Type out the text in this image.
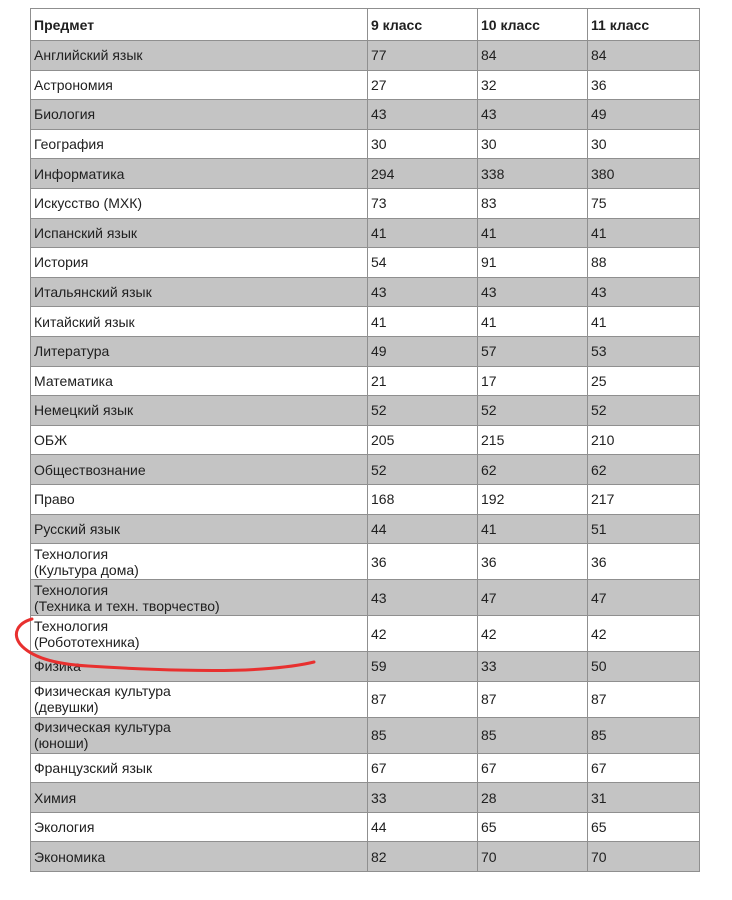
Предмет	9 класс	10 класс	11 класс

Английский язык	77	84	84

Астрономия	27	32	36

Биология	43	43	49

География	30	30	30

Информатика	294	338	380

Искусство (МХК)	73	83	75

Испанский язык	41	41	41

История	54	91	88

Итальянский язык	43	43	43

Китайский язык	41	41	41

Литература	49	57	53

Математика	21	17	25

Немецкий язык	52	52	52

ОБЖ	205	215	210

Обществознание	52	62	62

Право	168	192	217

Русский язык	44	41	51

Технология
(Культура дома)	36	36	36

Технология
(Техника и техн. творчество)	43	47	47

Технология
(Робототехника)	42	42	42

Физика	59	33	50

Физическая культура
(девушки)	87	87	87

Физическая культура
(юноши)	85	85	85

Французский язык	67	67	67

Химия	33	28	31

Экология	44	65	65

Экономика	82	70	70
